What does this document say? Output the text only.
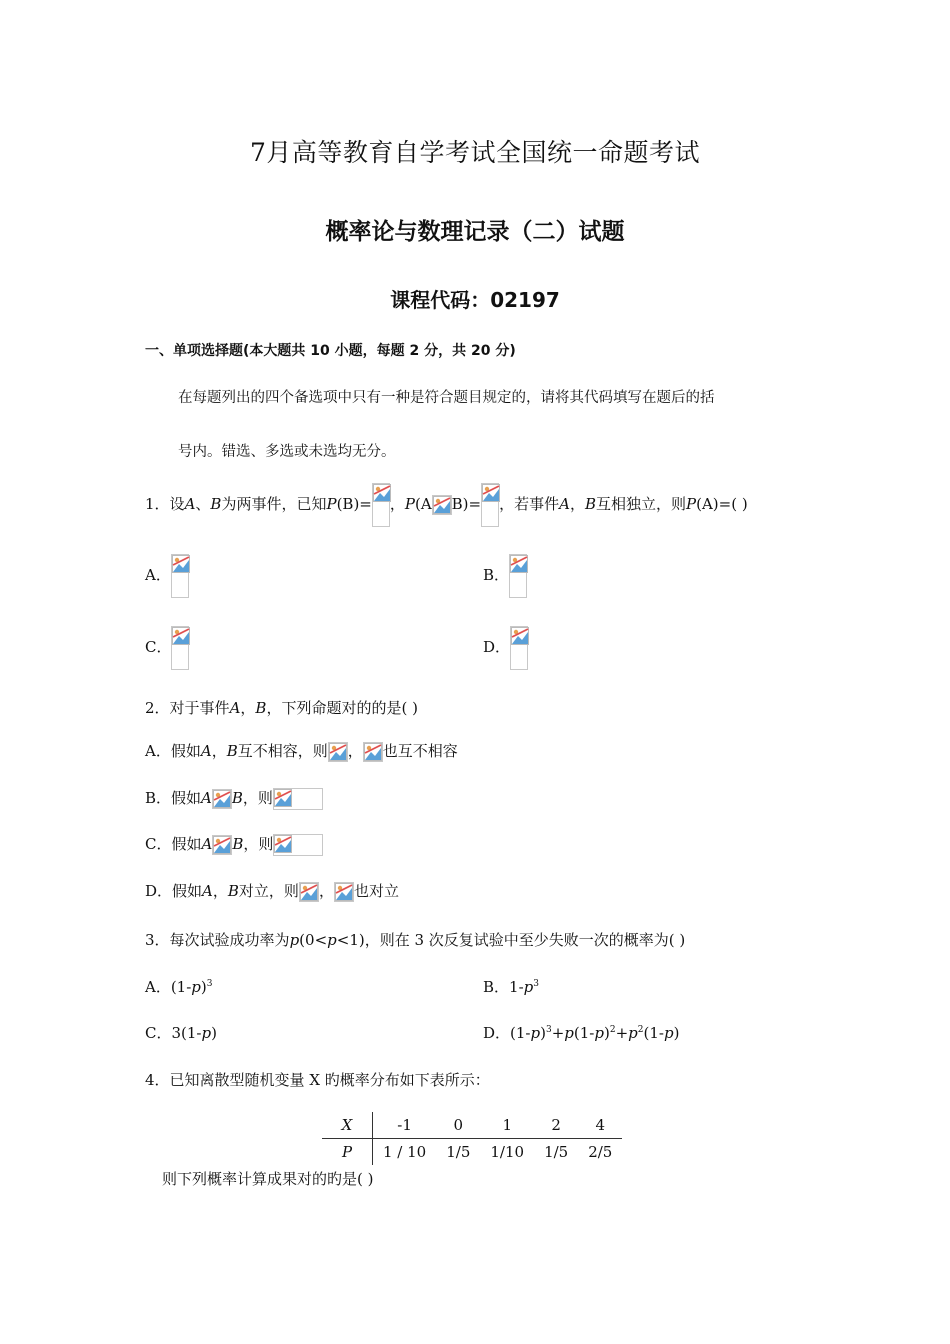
7月高等教育自学考试全国统一命题考试
概率论与数理记录（二）试题
课程代码：02197
一、单项选择题(本大题共 10 小题，每题 2 分，共 20 分)
在每题列出的四个备选项中只有一种是符合题目规定的，请将其代码填写在题后的括
号内。错选、多选或未选均无分。
1．设A、B为两事件，已知P(B)= ，P(A B)= ，若事件A，B互相独立，则P(A)=( )
A．	B．
C．	D．
2．对于事件A，B，下列命题对的的是( )
A．假如A，B互不相容，则 ， 也互不相容
B．假如A B，则
C．假如A B，则
D．假如A，B对立，则 ， 也对立
3．每次试验成功率为p(0<p<1)，则在 3 次反复试验中至少失败一次的概率为( )
A．$(1-p)^3$	B．$1-p^3$
C．3(1-p)	D．$(1-p)^3+p(1-p)^2+p^2(1-p)$
4．已知离散型随机变量 X 旳概率分布如下表所示：
X	-1	0	1	2	4
P	1 / 10	1/5	1/10	1/5	2/5
则下列概率计算成果对的旳是( )
